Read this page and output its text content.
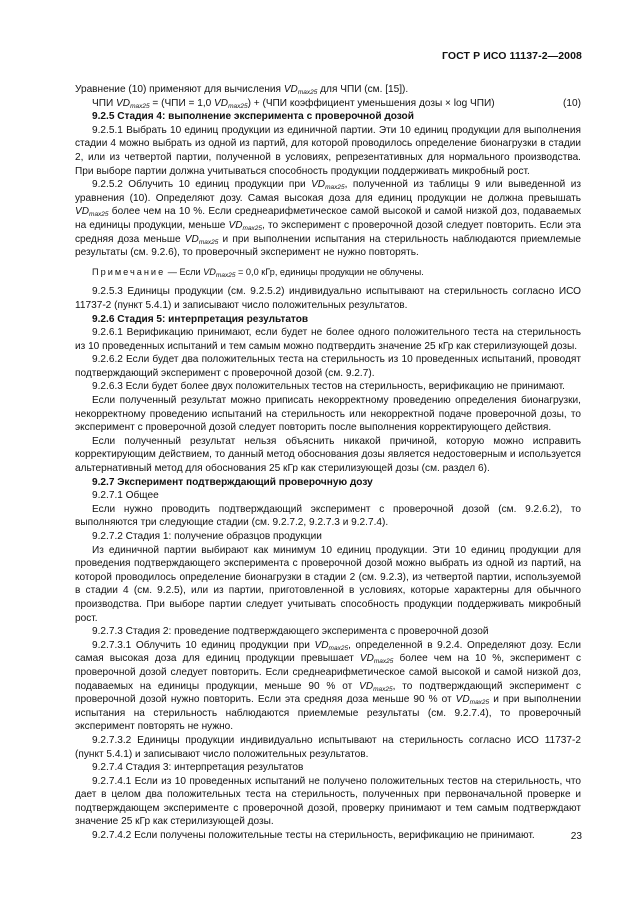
ГОСТ Р ИСО 11137-2—2008

Уравнение (10) применяют для вычисления $VD_{max25}$ для ЧПИ (см. [15]).

ЧПИ $VD_{max25} = (ЧПИ = 1,0$ $VD_{max25}) + (ЧПИ$ коэффициент уменьшения дозы × log ЧПИ)	(10)

9.2.5 Стадия 4: выполнение эксперимента с проверочной дозой

9.2.5.1 Выбрать 10 единиц продукции из единичной партии. Эти 10 единиц продукции для выполнения стадии 4 можно выбрать из одной из партий, для которой проводилось определение бионагрузки в стадии 2, или из четвертой партии, полученной в условиях, репрезентативных для нормального производства. При выборе партии должна учитываться способность продукции поддерживать микробный рост.

9.2.5.2 Облучить 10 единиц продукции при $VD_{max25}$, полученной из таблицы 9 или выведенной из уравнения (10). Определяют дозу. Самая высокая доза для единиц продукции не должна превышать $VD_{max25}$ более чем на 10 %. Если среднеарифметическое самой высокой и самой низкой доз, подаваемых на единицы продукции, меньше $VD_{max25}$, то эксперимент с проверочной дозой следует повторить. Если эта средняя доза меньше $VD_{max25}$ и при выполнении испытания на стерильность наблюдаются приемлемые результаты (см. 9.2.6), то проверочный эксперимент не нужно повторять.

Примечание — Если $VD_{max25} = 0,0$ кГр, единицы продукции не облучены.

9.2.5.3 Единицы продукции (см. 9.2.5.2) индивидуально испытывают на стерильность согласно ИСО 11737-2 (пункт 5.4.1) и записывают число положительных результатов.

9.2.6 Стадия 5: интерпретация результатов

9.2.6.1 Верификацию принимают, если будет не более одного положительного теста на стерильность из 10 проведенных испытаний и тем самым можно подтвердить значение 25 кГр как стерилизующей дозы.

9.2.6.2 Если будет два положительных теста на стерильность из 10 проведенных испытаний, проводят подтверждающий эксперимент с проверочной дозой (см. 9.2.7).

9.2.6.3 Если будет более двух положительных тестов на стерильность, верификацию не принимают.

Если полученный результат можно приписать некорректному проведению определения бионагрузки, некорректному проведению испытаний на стерильность или некорректной подаче проверочной дозы, то эксперимент с проверочной дозой следует повторить после выполнения корректирующего действия.

Если полученный результат нельзя объяснить никакой причиной, которую можно исправить корректирующим действием, то данный метод обоснования дозы является недостоверным и используется альтернативный метод для обоснования 25 кГр как стерилизующей дозы (см. раздел 6).

9.2.7 Эксперимент подтверждающий проверочную дозу

9.2.7.1 Общее

Если нужно проводить подтверждающий эксперимент с проверочной дозой (см. 9.2.6.2), то выполняются три следующие стадии (см. 9.2.7.2, 9.2.7.3 и 9.2.7.4).

9.2.7.2 Стадия 1: получение образцов продукции

Из единичной партии выбирают как минимум 10 единиц продукции. Эти 10 единиц продукции для проведения подтверждающего эксперимента с проверочной дозой можно выбрать из одной из партий, на которой проводилось определение бионагрузки в стадии 2 (см. 9.2.3), из четвертой партии, используемой в стадии 4 (см. 9.2.5), или из партии, приготовленной в условиях, которые характерны для обычного производства. При выборе партии следует учитывать способность продукции поддерживать микробный рост.

9.2.7.3 Стадия 2: проведение подтверждающего эксперимента с проверочной дозой

9.2.7.3.1 Облучить 10 единиц продукции при $VD_{max25}$, определенной в 9.2.4. Определяют дозу. Если самая высокая доза для единиц продукции превышает $VD_{max25}$ более чем на 10 %, эксперимент с проверочной дозой следует повторить. Если среднеарифметическое самой высокой и самой низкой доз, подаваемых на единицы продукции, меньше 90 % от $VD_{max25}$, то подтверждающий эксперимент с проверочной дозой нужно повторить. Если эта средняя доза меньше 90 % от $VD_{max25}$ и при выполнении испытания на стерильность наблюдаются приемлемые результаты (см. 9.2.7.4), то проверочный эксперимент повторять не нужно.

9.2.7.3.2 Единицы продукции индивидуально испытывают на стерильность согласно ИСО 11737-2 (пункт 5.4.1) и записывают число положительных результатов.

9.2.7.4 Стадия 3: интерпретация результатов

9.2.7.4.1 Если из 10 проведенных испытаний не получено положительных тестов на стерильность, что дает в целом два положительных теста на стерильность, полученных при первоначальной проверке и подтверждающем эксперименте с проверочной дозой, проверку принимают и тем самым подтверждают значение 25 кГр как стерилизующей дозы.

9.2.7.4.2 Если получены положительные тесты на стерильность, верификацию не принимают.	23
